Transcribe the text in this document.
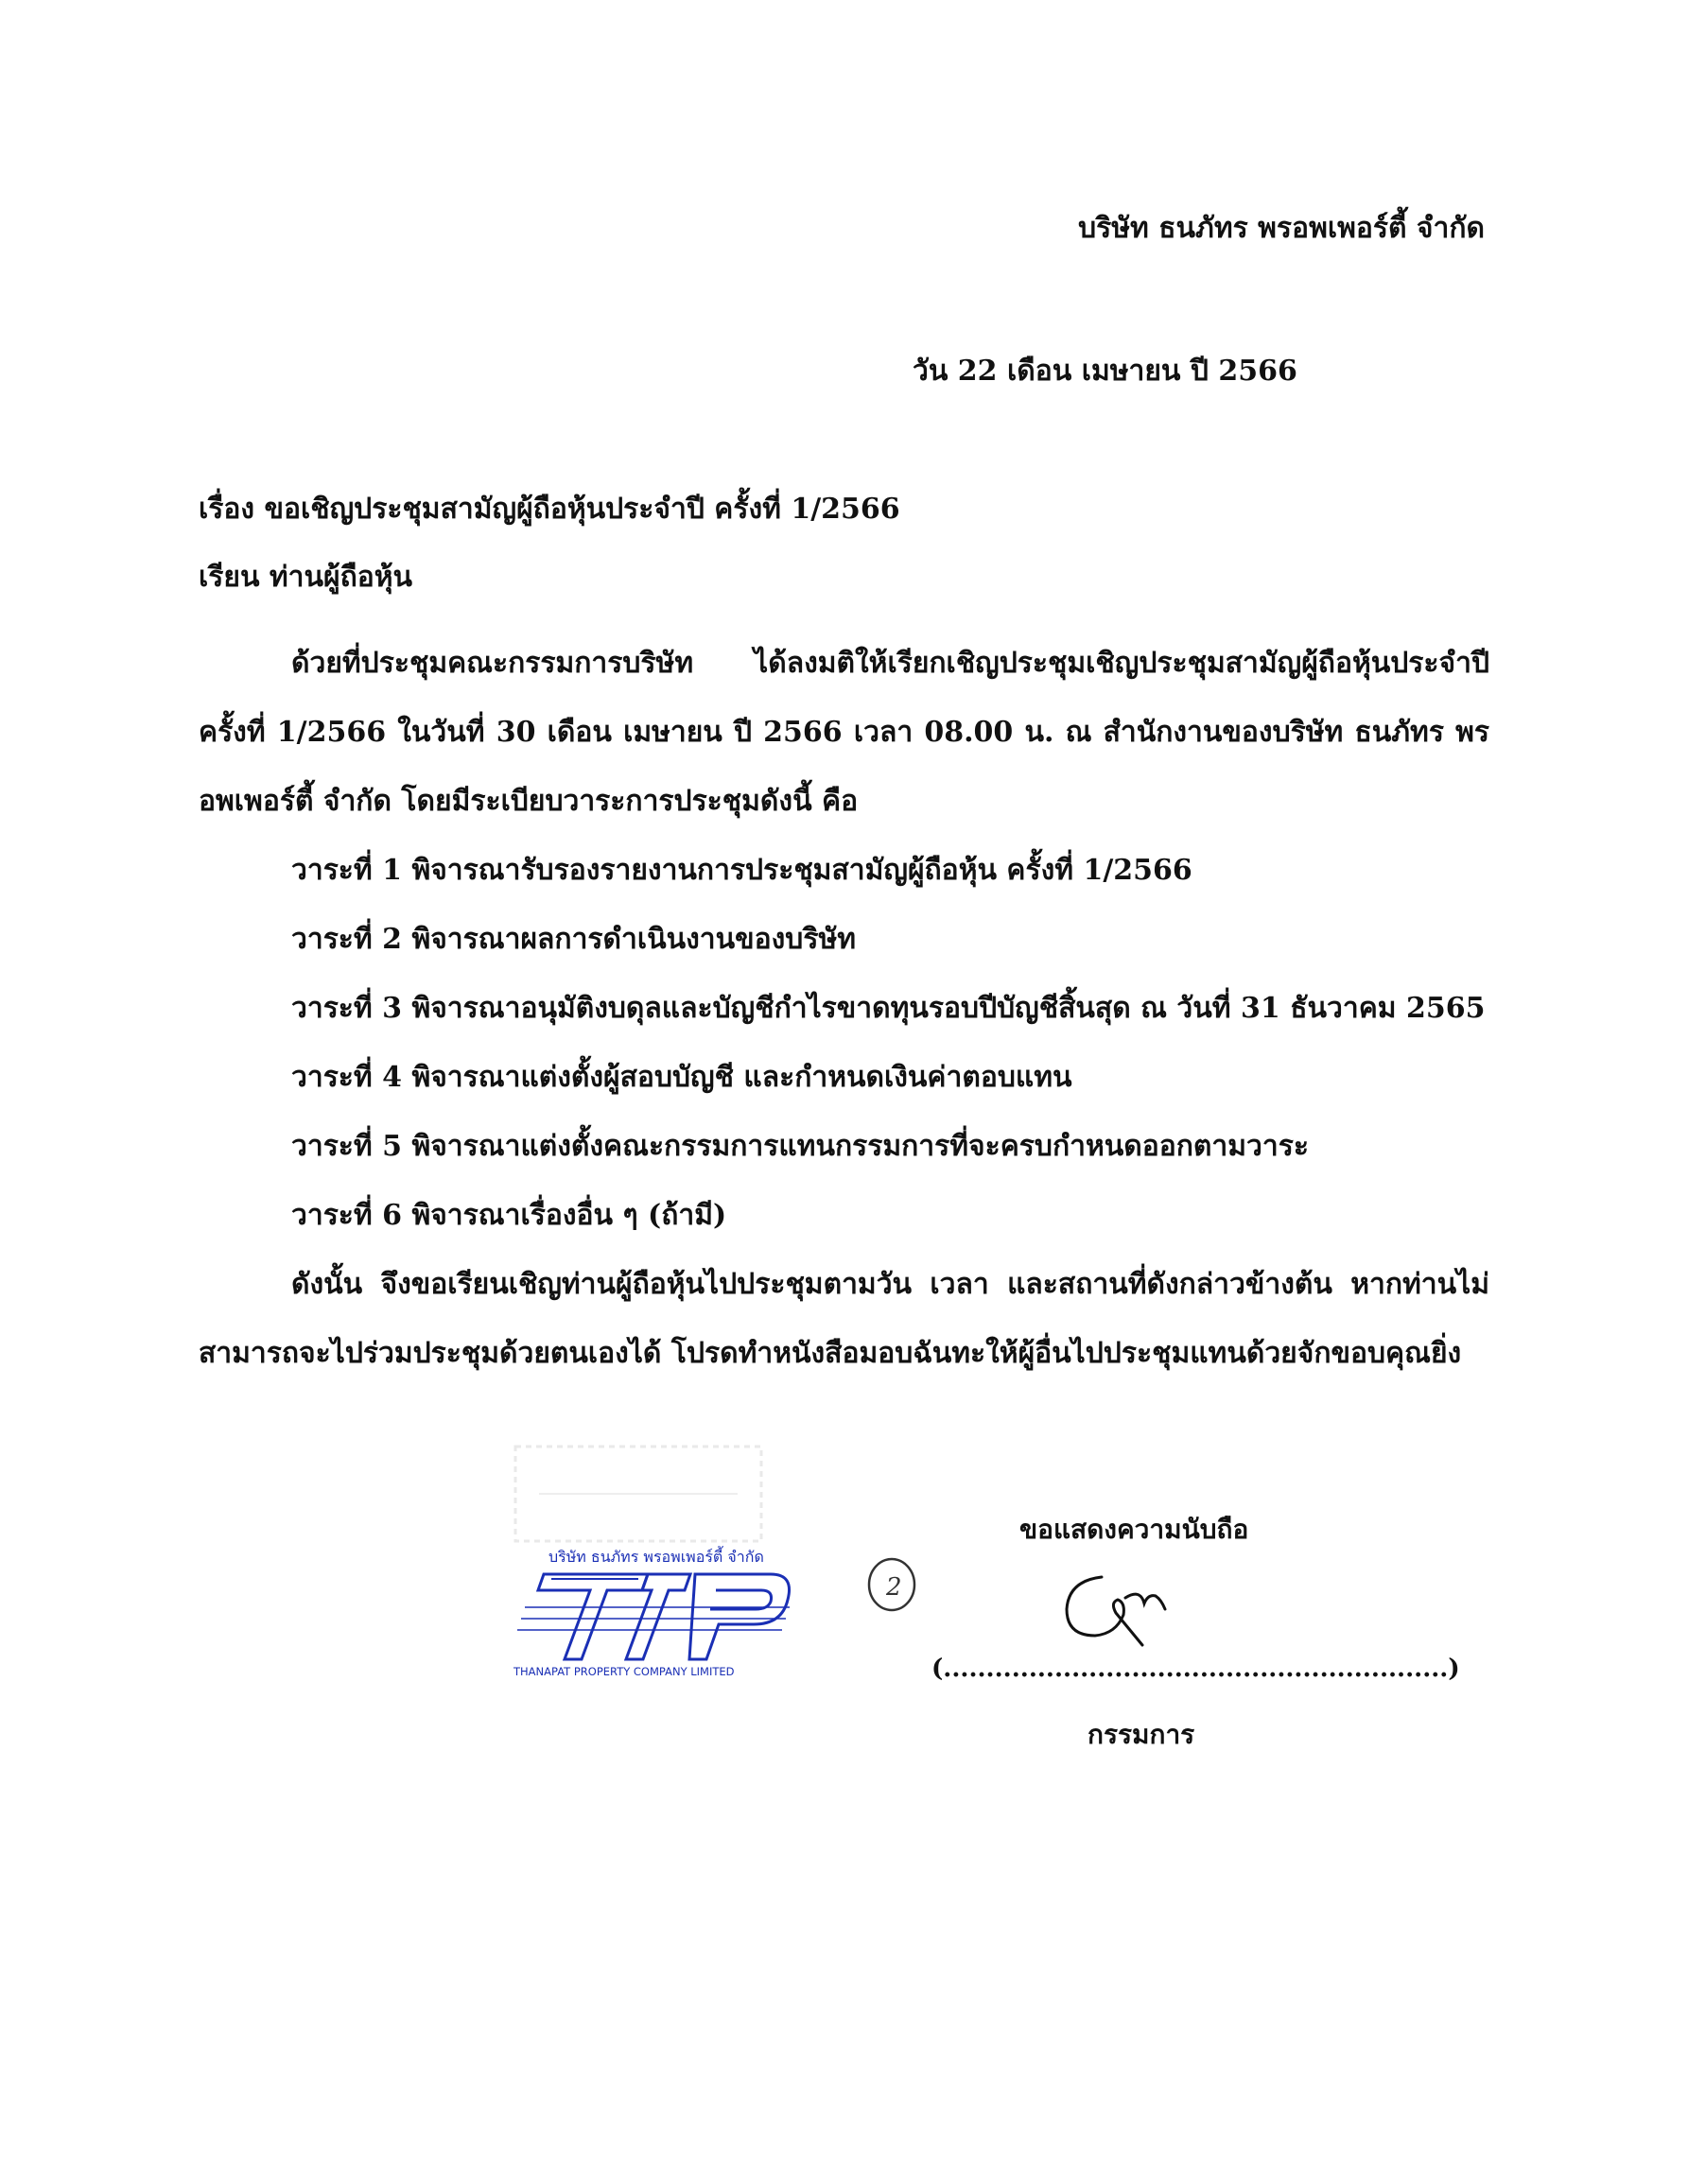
บริษัท ธนภัทร พรอพเพอร์ตี้ จำกัด
วัน 22 เดือน เมษายน ปี 2566
เรื่อง ขอเชิญประชุมสามัญผู้ถือหุ้นประจำปี ครั้งที่ 1/2566
เรียน ท่านผู้ถือหุ้น

ด้วยที่ประชุมคณะกรรมการบริษัท ได้ลงมติให้เรียกเชิญประชุมเชิญประชุมสามัญผู้ถือหุ้นประจำปี ครั้งที่ 1/2566 ในวันที่ 30 เดือน เมษายน ปี 2566 เวลา 08.00 น. ณ สำนักงานของบริษัท ธนภัทร พรอพเพอร์ตี้ จำกัด โดยมีระเบียบวาระการประชุมดังนี้ คือ

วาระที่ 1 พิจารณารับรองรายงานการประชุมสามัญผู้ถือหุ้น ครั้งที่ 1/2566
วาระที่ 2 พิจารณาผลการดำเนินงานของบริษัท
วาระที่ 3 พิจารณาอนุมัติงบดุลและบัญชีกำไรขาดทุนรอบปีบัญชีสิ้นสุด ณ วันที่ 31 ธันวาคม 2565
วาระที่ 4 พิจารณาแต่งตั้งผู้สอบบัญชี และกำหนดเงินค่าตอบแทน
วาระที่ 5 พิจารณาแต่งตั้งคณะกรรมการแทนกรรมการที่จะครบกำหนดออกตามวาระ
วาระที่ 6 พิจารณาเรื่องอื่น ๆ (ถ้ามี)

ดังนั้น จึงขอเรียนเชิญท่านผู้ถือหุ้นไปประชุมตามวัน เวลา และสถานที่ดังกล่าวข้างต้น หากท่านไม่สามารถจะไปร่วมประชุมด้วยตนเองได้ โปรดทำหนังสือมอบฉันทะให้ผู้อื่นไปประชุมแทนด้วยจักขอบคุณยิ่ง

บริษัท ธนภัทร พรอพเพอร์ตี้ จำกัด
THANAPAT PROPERTY COMPANY LIMITED
2
ขอแสดงความนับถือ
(...........................................................)
กรรมการ
